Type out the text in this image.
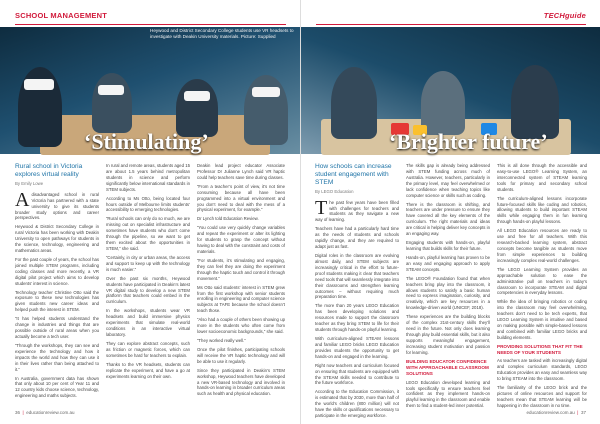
SCHOOL MANAGEMENT
Heywood and District Secondary College students use VR headsets to investigate with Deakin University materials. Picture: Supplied
‘Stimulating’
Rural school in Victoria explores virtual reality
By Emily Lowe

A disadvantaged school in rural Victoria has partnered with a state university to give its students broader study options and career perspectives.

Heywood & District Secondary College in rural Victoria has been working with Deakin University to open pathways for students in the science, technology, engineering and mathematics areas.

For the past couple of years, the school has joined multiple STEM programs, including coding classes and more recently, a VR digital pilot project which aims to develop students’ interest in science.

Technology teacher Christine Otto said the exposure to these new technologies has given students new career ideas and helped push the interest in STEM.

“It has helped students understand the change in industries and things that are possible outside of rural areas when you actually become a tech user.

“Through the workshops, they can see and experience the technology and how it impacts the world and how they can use it in their lives rather than being attached to it.”

In Australia, government data has shown that only about 10 per cent of Year 11 and 12 country kids choose science, technology, engineering and maths subjects.

In rural and remote areas, students aged 15 are about 1.5 years behind metropolitan students in science and perform significantly below international standards in STEM subjects.

According to Ms Otto, being located four hours outside of Melbourne limits students’ accessibility to emerging technologies.

“Rural schools can only do so much, we are missing out on specialist infrastructure and sometimes have students who don’t come through the pipeline, so we want to get them excited about the opportunities in STEM,” she said.

“Certainly, in city or urban areas, the access and support to keep up with the technology is much easier.”

Over the past six months, Heywood students have participated in Deakin’s latest VR digital study to develop a new STEM platform that teachers could embed in the curriculum.

In the workshops, students wear VR headsets and build immersive physics experiments that simulate real-world conditions in an interactive virtual laboratory.

They can explore abstract concepts, such as friction or magnetic forces, which can sometimes be hard for teachers to explain.

Thanks to the VR headsets, students can replicate the experiment, and have a go at experiments learning on their own.

Deakin lead project educator Associate Professor Dr Julianne Lynch said VR haptic could help teachers save time during classes.

“From a teacher’s point of view, it’s not time consuming because all have been programmed into a virtual environment and you don’t need to deal with the mess of a physical experiment, for example.”

Dr Lynch told Education Review.

“You could use very quickly change variables and repeat the experiment or alter its lighting for students to grasp the concept without having to deal with the constraint and costs of materials.

“For students, it’s stimulating and engaging, they can feel they are doing the experiment through the haptic touch and control it through movement.”

Ms Otto said students’ interest in STEM grew from the first workshop with senior students enrolling in engineering and computer science subjects at TAFE because the school doesn’t teach those.

“Also had a couple of others been showing up more in the students who often come from lower socioeconomic backgrounds,” she said.

“They worked really well.”

Once the pilot finishes, participating schools will receive the VR haptic technology and will be able to use it regularly.

Since they participated in Deakin’s STEM workshop, Heywood teachers have developed a new VR-based technology and involved in hands-on learning in broader curriculum areas such as health and physical education.

36  |  educationreview.com.au
TECHguide
‘Brighter future’
How schools can increase student engagement with STEM
By LEGO Education

The past few years have been filled with challenges for teachers and students as they navigate a new way of learning.

Teachers have had a particularly hard time as the needs of students and schools rapidly change, and they are required to adapt just as fast.

Digital roles in the classroom are evolving almost daily, and STEM subjects are increasingly critical in the effort to future-proof students making it clear that teachers need tools that will seamlessly integrate into their classrooms and strengthen learning outcomes – without requiring much preparation time.

The more than 20 years LEGO Education has been developing solutions and resources made to support the classroom teacher as they bring STEM to life for their students through hands-on playful learning.

With curriculum-aligned STEAM lessons and familiar LEGO bricks LEGO Education provides students the opportunity to get hands-on and engaged in the learning.

Right now teachers and curriculum focused on ensuring that students are equipped with the STEAM skills needed to contribute to the future workforce.

According to the Education Commission, it is estimated that by 2030, more than half of the world’s children (800 million) will not have the skills or qualifications necessary to participate in the emerging workforce.

The skills gap is already being addressed with STEM funding across much of Australia. However, teachers, particularly in the primary level, may feel overwhelmed or lack confidence when teaching topics like computer science or skills such as coding.

There is the classroom is shifting, and teachers are under pressure to ensure they have covered all the key elements of the curriculum. The right materials and ideas are critical in helping deliver key concepts in an engaging way.

Engaging students with hands-on, playful learning that builds skills for their future.

Hands-on, playful learning has proven to be an easy and engaging approach to apply STEAM concepts.

The LEGO® Foundation found that when teachers bring play into the classroom, it allows students to satisfy a basic human need to express imagination, curiosity, and creativity, which are key resources in a knowledge-driven world (UNICEF, 2018).

These experiences are the building blocks of the complex 21st-century skills they’ll need in the future. Not only does learning through play build essential skills, but it also supports meaningful engagement, increasing student motivation and passion for learning.

BUILDING EDUCATOR CONFIDENCE WITH APPROACHABLE CLASSROOM SOLUTIONS

LEGO Education developed learning and tools specifically to ensure teachers feel confident as they implement hands-on playful learning in the classroom and enable them to find a student-led inner potential.

This is all done through the accessible and easy-to-use LEGO® Learning System, an interconnected system of STEAM learning tools for primary and secondary school students.

The curriculum-aligned lessons incorporate future-focused skills like coding and robotics, allowing students to build important STEAM skills while engaging them in fun learning through hands-on playful lessons.

All LEGO Education resources are ready to use and free for all teachers. With this research-backed learning system, abstract concepts become tangible as students move from simple experiences to building increasingly complex real-world challenges.

The LEGO Learning System provides an approachable solution to ease the administrative pull on teachers in today’s classroom to incorporate STEAM and digital competencies in everyday lessons.

While the idea of bringing robotics or coding into the classroom may feel overwhelming, teachers don’t need to be tech experts, that LEGO Learning System is intuitive and based on making possible with simple-based lessons and combined with familiar LEGO bricks and building elements.

PROVIDING SOLUTIONS THAT FIT THE NEEDS OF YOUR STUDENTS

As teachers are tasked with increasingly digital and complex curriculum standards, LEGO Education provides an easy and seamless way to bring STEAM into the classroom.

The familiarity of the LEGO brick and the pictures of online resources and support for teachers mean that STEAM learning will be happening in the classroom in no time.

educationreview.com.au  |  37
